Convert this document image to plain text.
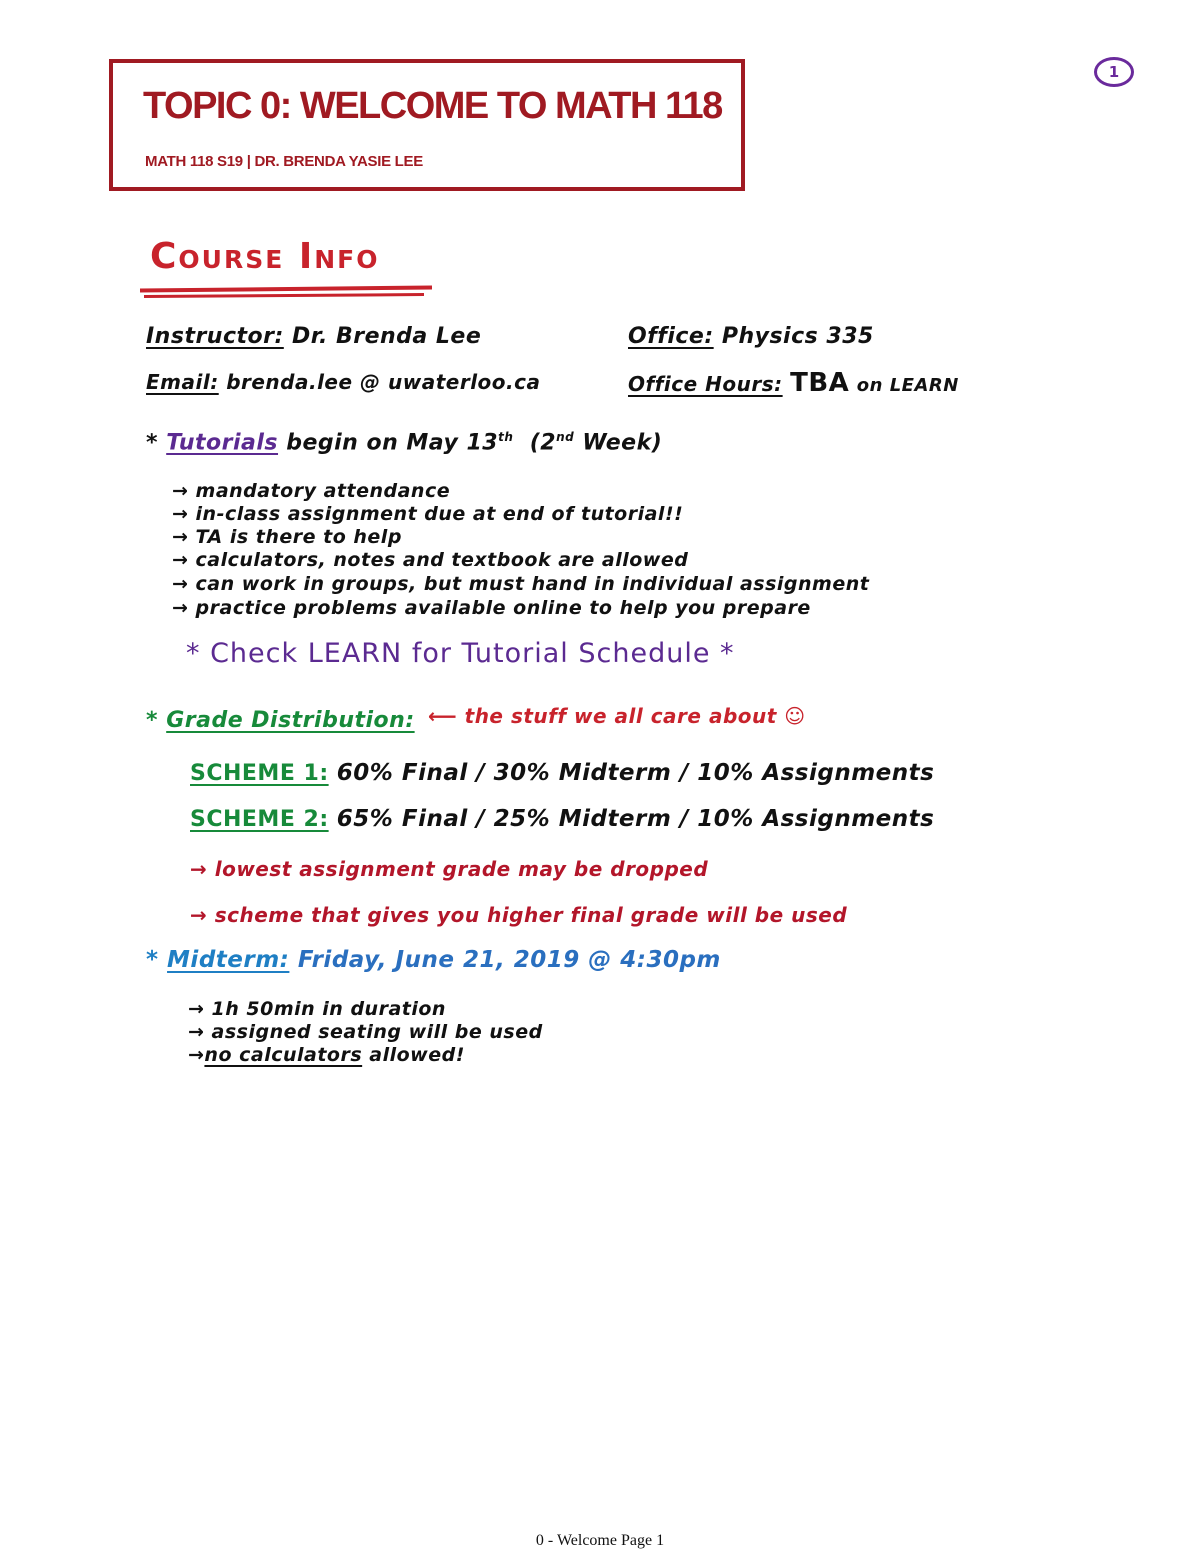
TOPIC 0: WELCOME TO MATH 118
MATH 118 S19 | DR. BRENDA YASIE LEE
1
Course Info
Instructor: Dr. Brenda Lee	Office: Physics 335
Email: brenda.lee @ uwaterloo.ca	Office Hours: TBA on LEARN
* Tutorials begin on May 13th (2nd Week)
→ mandatory attendance
→ in-class assignment due at end of tutorial!!
→ TA is there to help
→ calculators, notes and textbook are allowed
→ can work in groups, but must hand in individual assignment
→ practice problems available online to help you prepare
* Check LEARN for Tutorial Schedule *
* Grade Distribution: ⟵ the stuff we all care about ☺
SCHEME 1: 60% Final / 30% Midterm / 10% Assignments
SCHEME 2: 65% Final / 25% Midterm / 10% Assignments
→ lowest assignment grade may be dropped
→ scheme that gives you higher final grade will be used
* Midterm: Friday, June 21, 2019 @ 4:30pm
→ 1h 50min in duration
→ assigned seating will be used
→no calculators allowed!
0 - Welcome Page 1
